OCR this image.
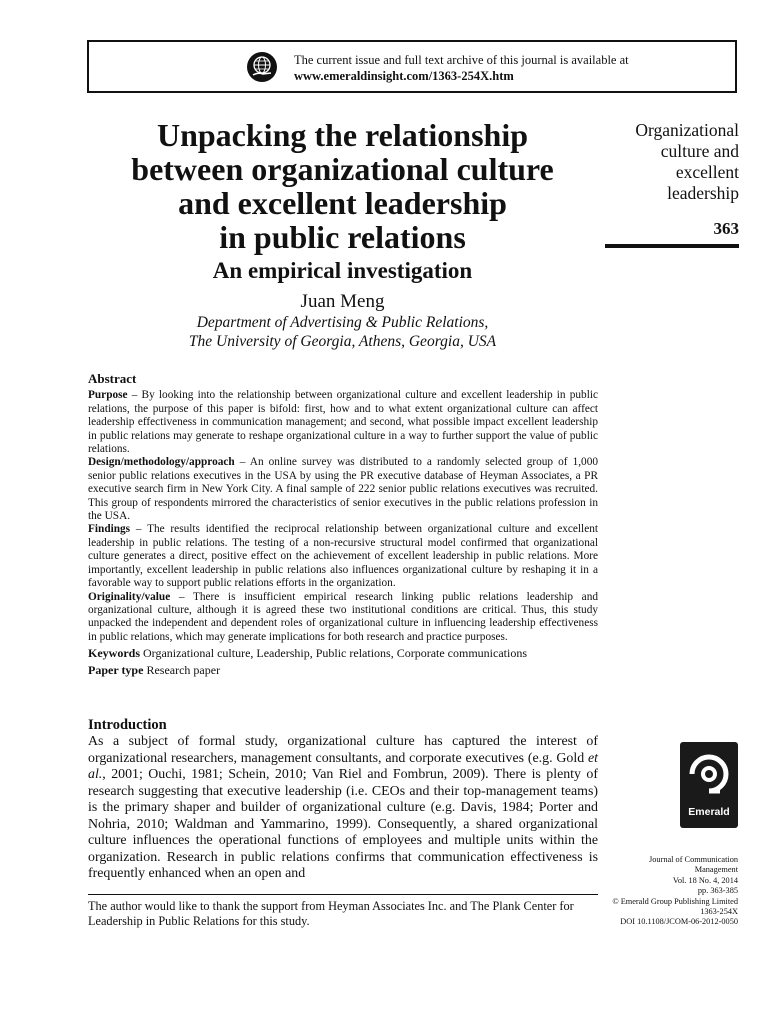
The current issue and full text archive of this journal is available at
www.emeraldinsight.com/1363-254X.htm
Unpacking the relationship
between organizational culture
and excellent leadership
in public relations
An empirical investigation
Juan Meng
Department of Advertising & Public Relations,
The University of Georgia, Athens, Georgia, USA
Organizational
culture and
excellent
leadership
363
Abstract

Purpose – By looking into the relationship between organizational culture and excellent leadership in public relations, the purpose of this paper is bifold: first, how and to what extent organizational culture can affect leadership effectiveness in communication management; and second, what possible impact excellent leadership in public relations may generate to reshape organizational culture in a way to further support the value of public relations.

Design/methodology/approach – An online survey was distributed to a randomly selected group of 1,000 senior public relations executives in the USA by using the PR executive database of Heyman Associates, a PR executive search firm in New York City. A final sample of 222 senior public relations executives was recruited. This group of respondents mirrored the characteristics of senior executives in the public relations profession in the USA.

Findings – The results identified the reciprocal relationship between organizational culture and excellent leadership in public relations. The testing of a non-recursive structural model confirmed that organizational culture generates a direct, positive effect on the achievement of excellent leadership in public relations. More importantly, excellent leadership in public relations also influences organizational culture by reshaping it in a favorable way to support public relations efforts in the organization.

Originality/value – There is insufficient empirical research linking public relations leadership and organizational culture, although it is agreed these two institutional conditions are critical. Thus, this study unpacked the independent and dependent roles of organizational culture in influencing leadership effectiveness in public relations, which may generate implications for both research and practice purposes.

Keywords Organizational culture, Leadership, Public relations, Corporate communications

Paper type Research paper

Introduction

As a subject of formal study, organizational culture has captured the interest of organizational researchers, management consultants, and corporate executives (e.g. Gold et al., 2001; Ouchi, 1981; Schein, 2010; Van Riel and Fombrun, 2009). There is plenty of research suggesting that executive leadership (i.e. CEOs and their top-management teams) is the primary shaper and builder of organizational culture (e.g. Davis, 1984; Porter and Nohria, 2010; Waldman and Yammarino, 1999). Consequently, a shared organizational culture influences the operational functions of employees and multiple units within the organization. Research in public relations confirms that communication effectiveness is frequently enhanced when an open and

The author would like to thank the support from Heyman Associates Inc. and The Plank Center for Leadership in Public Relations for this study.
Emerald
Journal of Communication
Management
Vol. 18 No. 4, 2014
pp. 363-385
© Emerald Group Publishing Limited
1363-254X
DOI 10.1108/JCOM-06-2012-0050
